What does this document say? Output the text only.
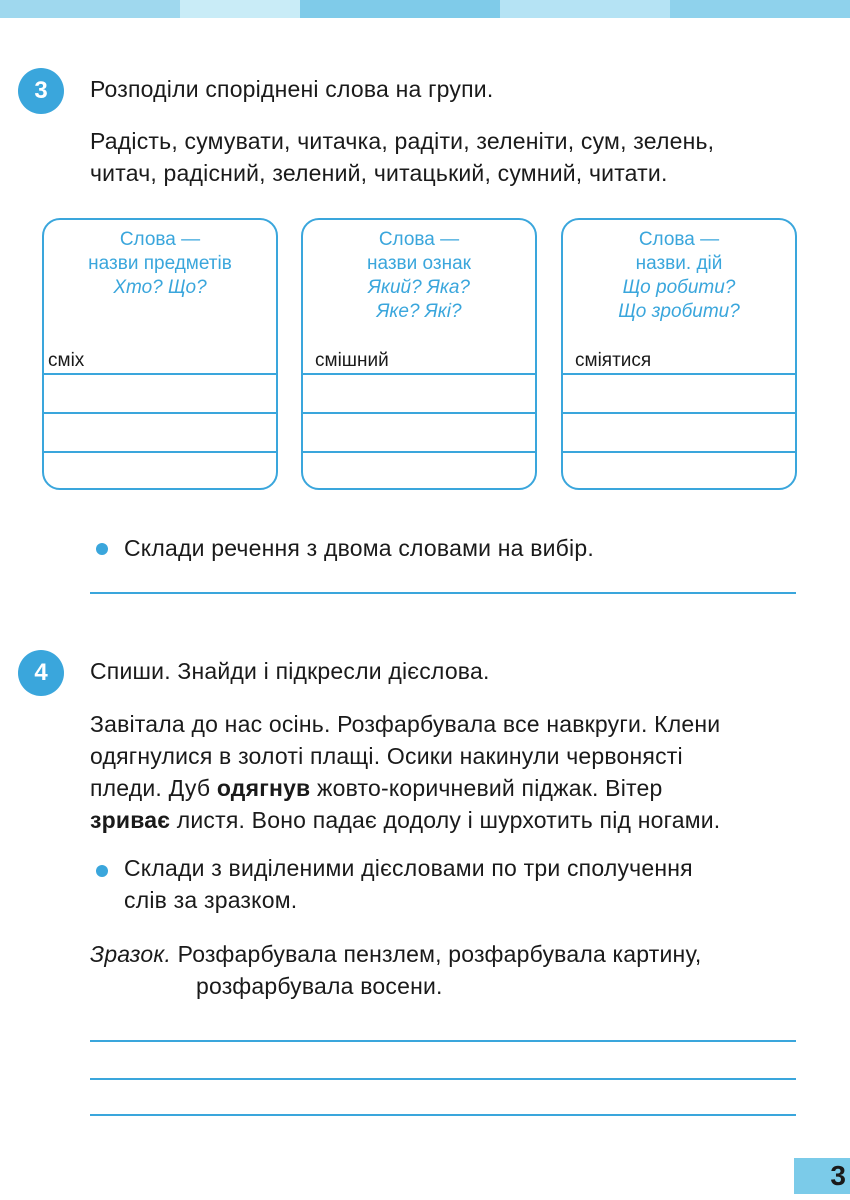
3 Розподіли споріднені слова на групи.
Радість, сумувати, читачка, радіти, зеленіти, сум, зелень,
читач, радісний, зелений, читацький, сумний, читати.
Слова —
назви предметів
Хто? Що?
сміх
Слова —
назви ознак
Який? Яка?
Яке? Які?
смішний
Слова —
назви. дій
Що робити?
Що зробити?
сміятися
Склади речення з двома словами на вибір.
4 Спиши. Знайди і підкресли дієслова.
Завітала до нас осінь. Розфарбувала все навкруги. Клени
одягнулися в золоті плащі. Осики накинули червонясті
пледи. Дуб одягнув жовто-коричневий піджак. Вітер
зриває листя. Воно падає додолу і шурхотить під ногами.
Склади з виділеними дієсловами по три сполучення
слів за зразком.
Зразок. Розфарбувала пензлем, розфарбувала картину,
розфарбувала восени.
3
